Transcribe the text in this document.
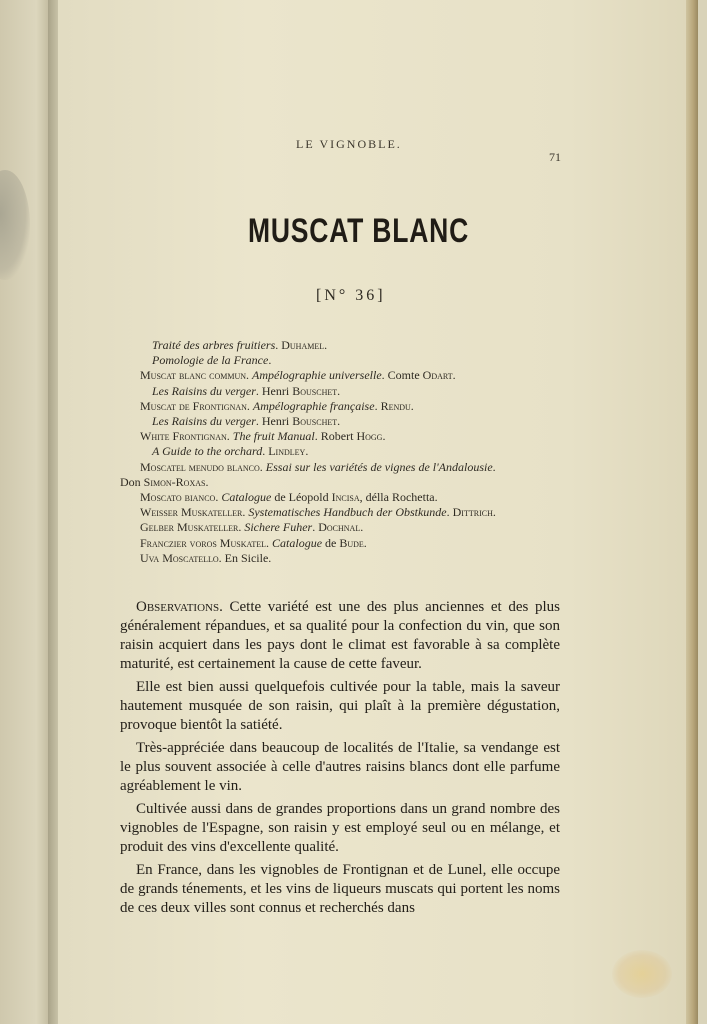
LE VIGNOBLE.
71
MUSCAT BLANC
[N° 36]
Traité des arbres fruitiers. Duhamel.
Pomologie de la France.
Muscat blanc commun. Ampélographie universelle. Comte Odart.
Les Raisins du verger. Henri Bouschet.
Muscat de Frontignan. Ampélographie française. Rendu.
Les Raisins du verger. Henri Bouschet.
White Frontignan. The fruit Manual. Robert Hogg.
A Guide to the orchard. Lindley.
Moscatel menudo blanco. Essai sur les variétés de vignes de l'Andalousie.
Don Simon-Roxas.
Moscato bianco. Catalogue de Léopold Incisa, délla Rochetta.
Weisser Muskateller. Systematisches Handbuch der Obstkunde. Dittrich.
Gelber Muskateller. Sichere Fuher. Dochnal.
Franczier voros Muskatel. Catalogue de Bude.
Uva Moscatello. En Sicile.

Observations. Cette variété est une des plus anciennes et des plus généralement répandues, et sa qualité pour la confection du vin, que son raisin acquiert dans les pays dont le climat est favorable à sa complète maturité, est certainement la cause de cette faveur.

Elle est bien aussi quelquefois cultivée pour la table, mais la saveur hautement musquée de son raisin, qui plaît à la première dégustation, provoque bientôt la satiété.

Très-appréciée dans beaucoup de localités de l'Italie, sa vendange est le plus souvent associée à celle d'autres raisins blancs dont elle parfume agréablement le vin.

Cultivée aussi dans de grandes proportions dans un grand nombre des vignobles de l'Espagne, son raisin y est employé seul ou en mélange, et produit des vins d'excellente qualité.

En France, dans les vignobles de Frontignan et de Lunel, elle occupe de grands ténements, et les vins de liqueurs muscats qui portent les noms de ces deux villes sont connus et recherchés dans
